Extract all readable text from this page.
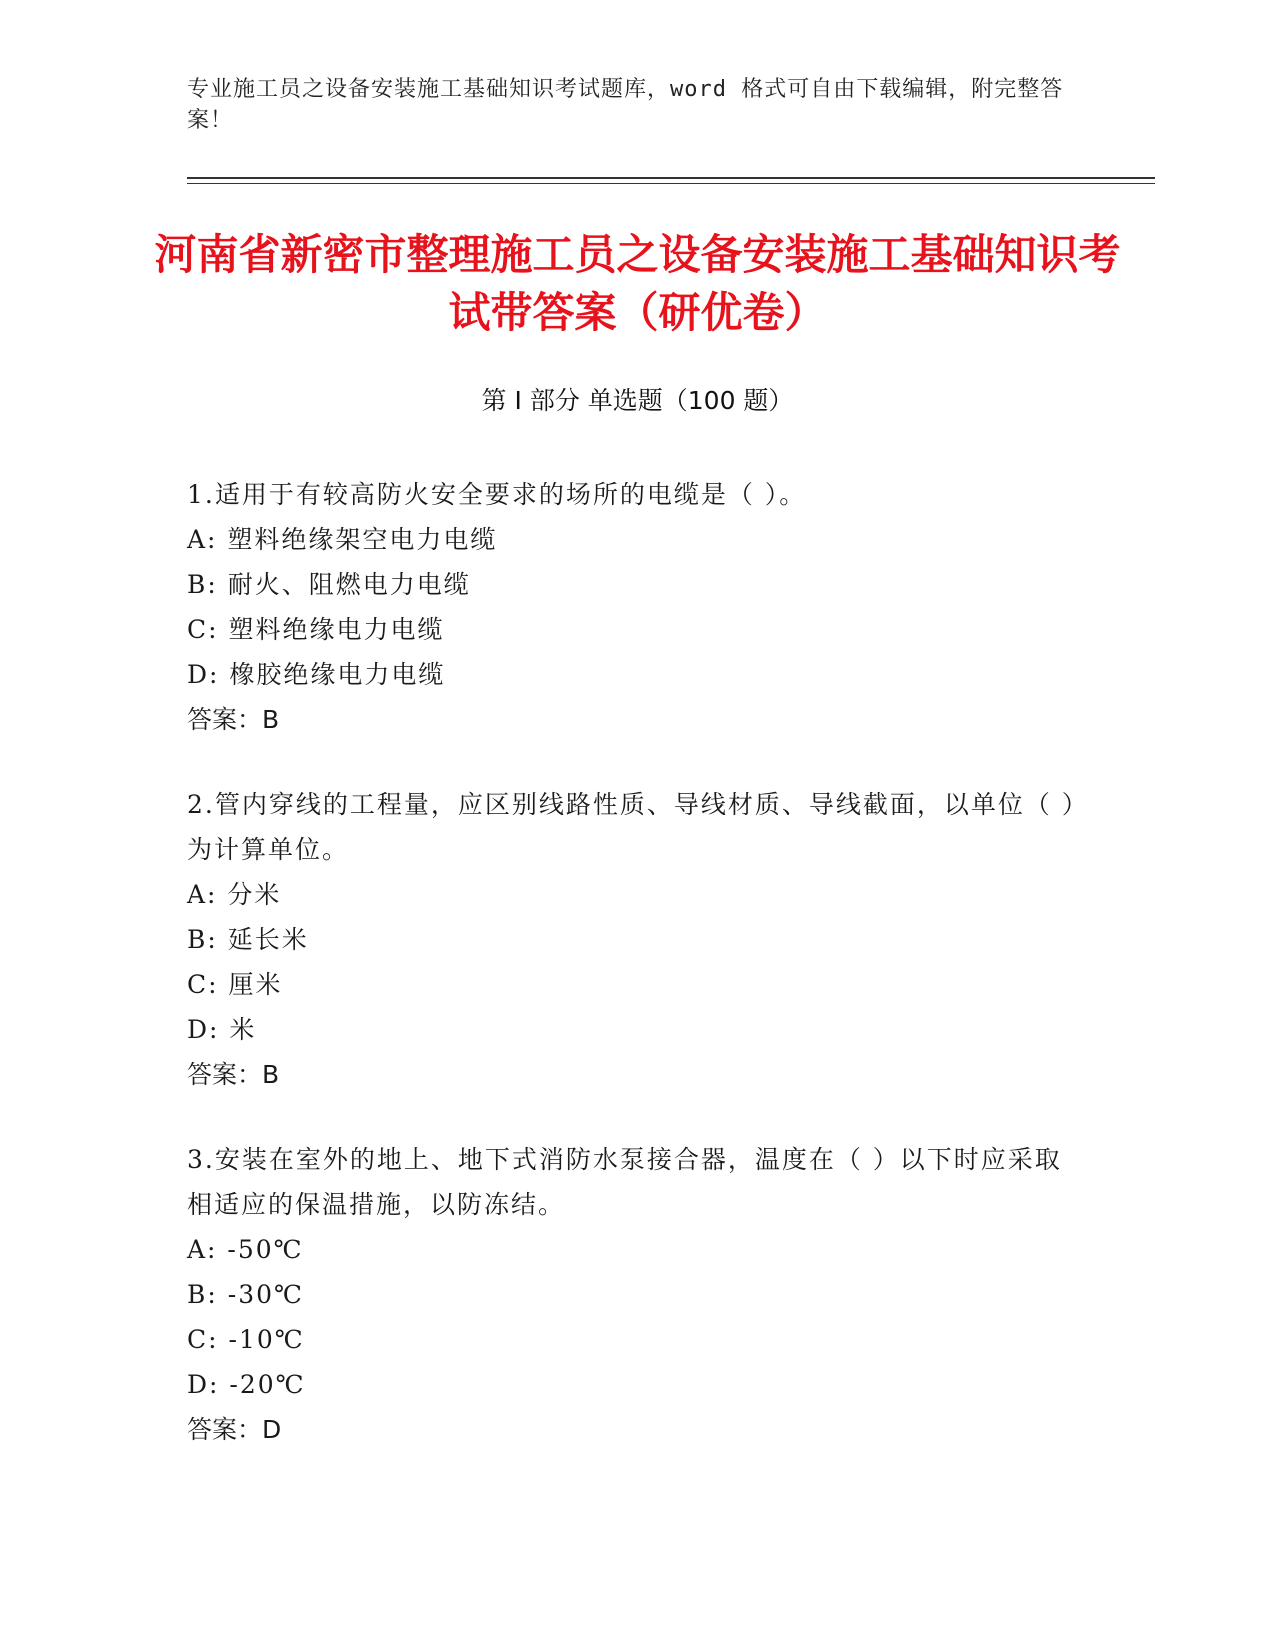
专业施工员之设备安装施工基础知识考试题库，word 格式可自由下载编辑，附完整答案！
河南省新密市整理施工员之设备安装施工基础知识考试带答案（研优卷）
第 I 部分 单选题（100 题）

1.适用于有较高防火安全要求的场所的电缆是（ ）。

A: 塑料绝缘架空电力电缆

B: 耐火、阻燃电力电缆

C: 塑料绝缘电力电缆

D: 橡胶绝缘电力电缆

答案：B

2.管内穿线的工程量，应区别线路性质、导线材质、导线截面，以单位（ ）为计算单位。

A: 分米

B: 延长米

C: 厘米

D: 米

答案：B

3.安装在室外的地上、地下式消防水泵接合器，温度在（ ）以下时应采取相适应的保温措施，以防冻结。

A: -50℃

B: -30℃

C: -10℃

D: -20℃

答案：D
